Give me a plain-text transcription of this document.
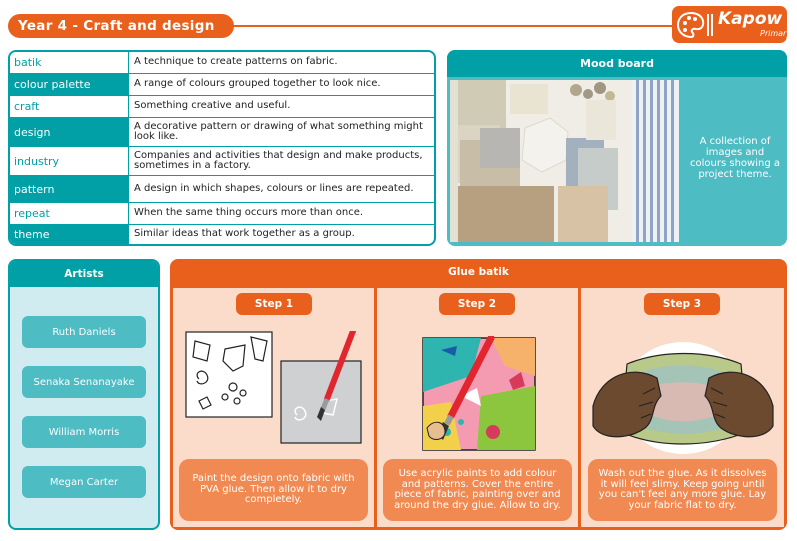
Year 4 - Craft and design	Kapow
Primary
batik	A technique to create patterns on fabric.
colour palette	A range of colours grouped together to look nice.
craft	Something creative and useful.
design	A decorative pattern or drawing of what something might look like.
industry	Companies and activities that design and make products, sometimes in a factory.
pattern	A design in which shapes, colours or lines are repeated.
repeat	When the same thing occurs more than once.
theme	Similar ideas that work together as a group.
Mood board
A collection of images and colours showing a project theme.
Artists
Ruth Daniels
Senaka Senanayake
William Morris
Megan Carter
Glue batik
Step 1
Paint the design onto fabric with PVA glue. Then allow it to dry completely.
Step 2
Use acrylic paints to add colour and patterns. Cover the entire piece of fabric, painting over and around the dry glue. Allow to dry.
Step 3
Wash out the glue. As it dissolves it will feel slimy. Keep going until you can't feel any more glue. Lay your fabric flat to dry.
